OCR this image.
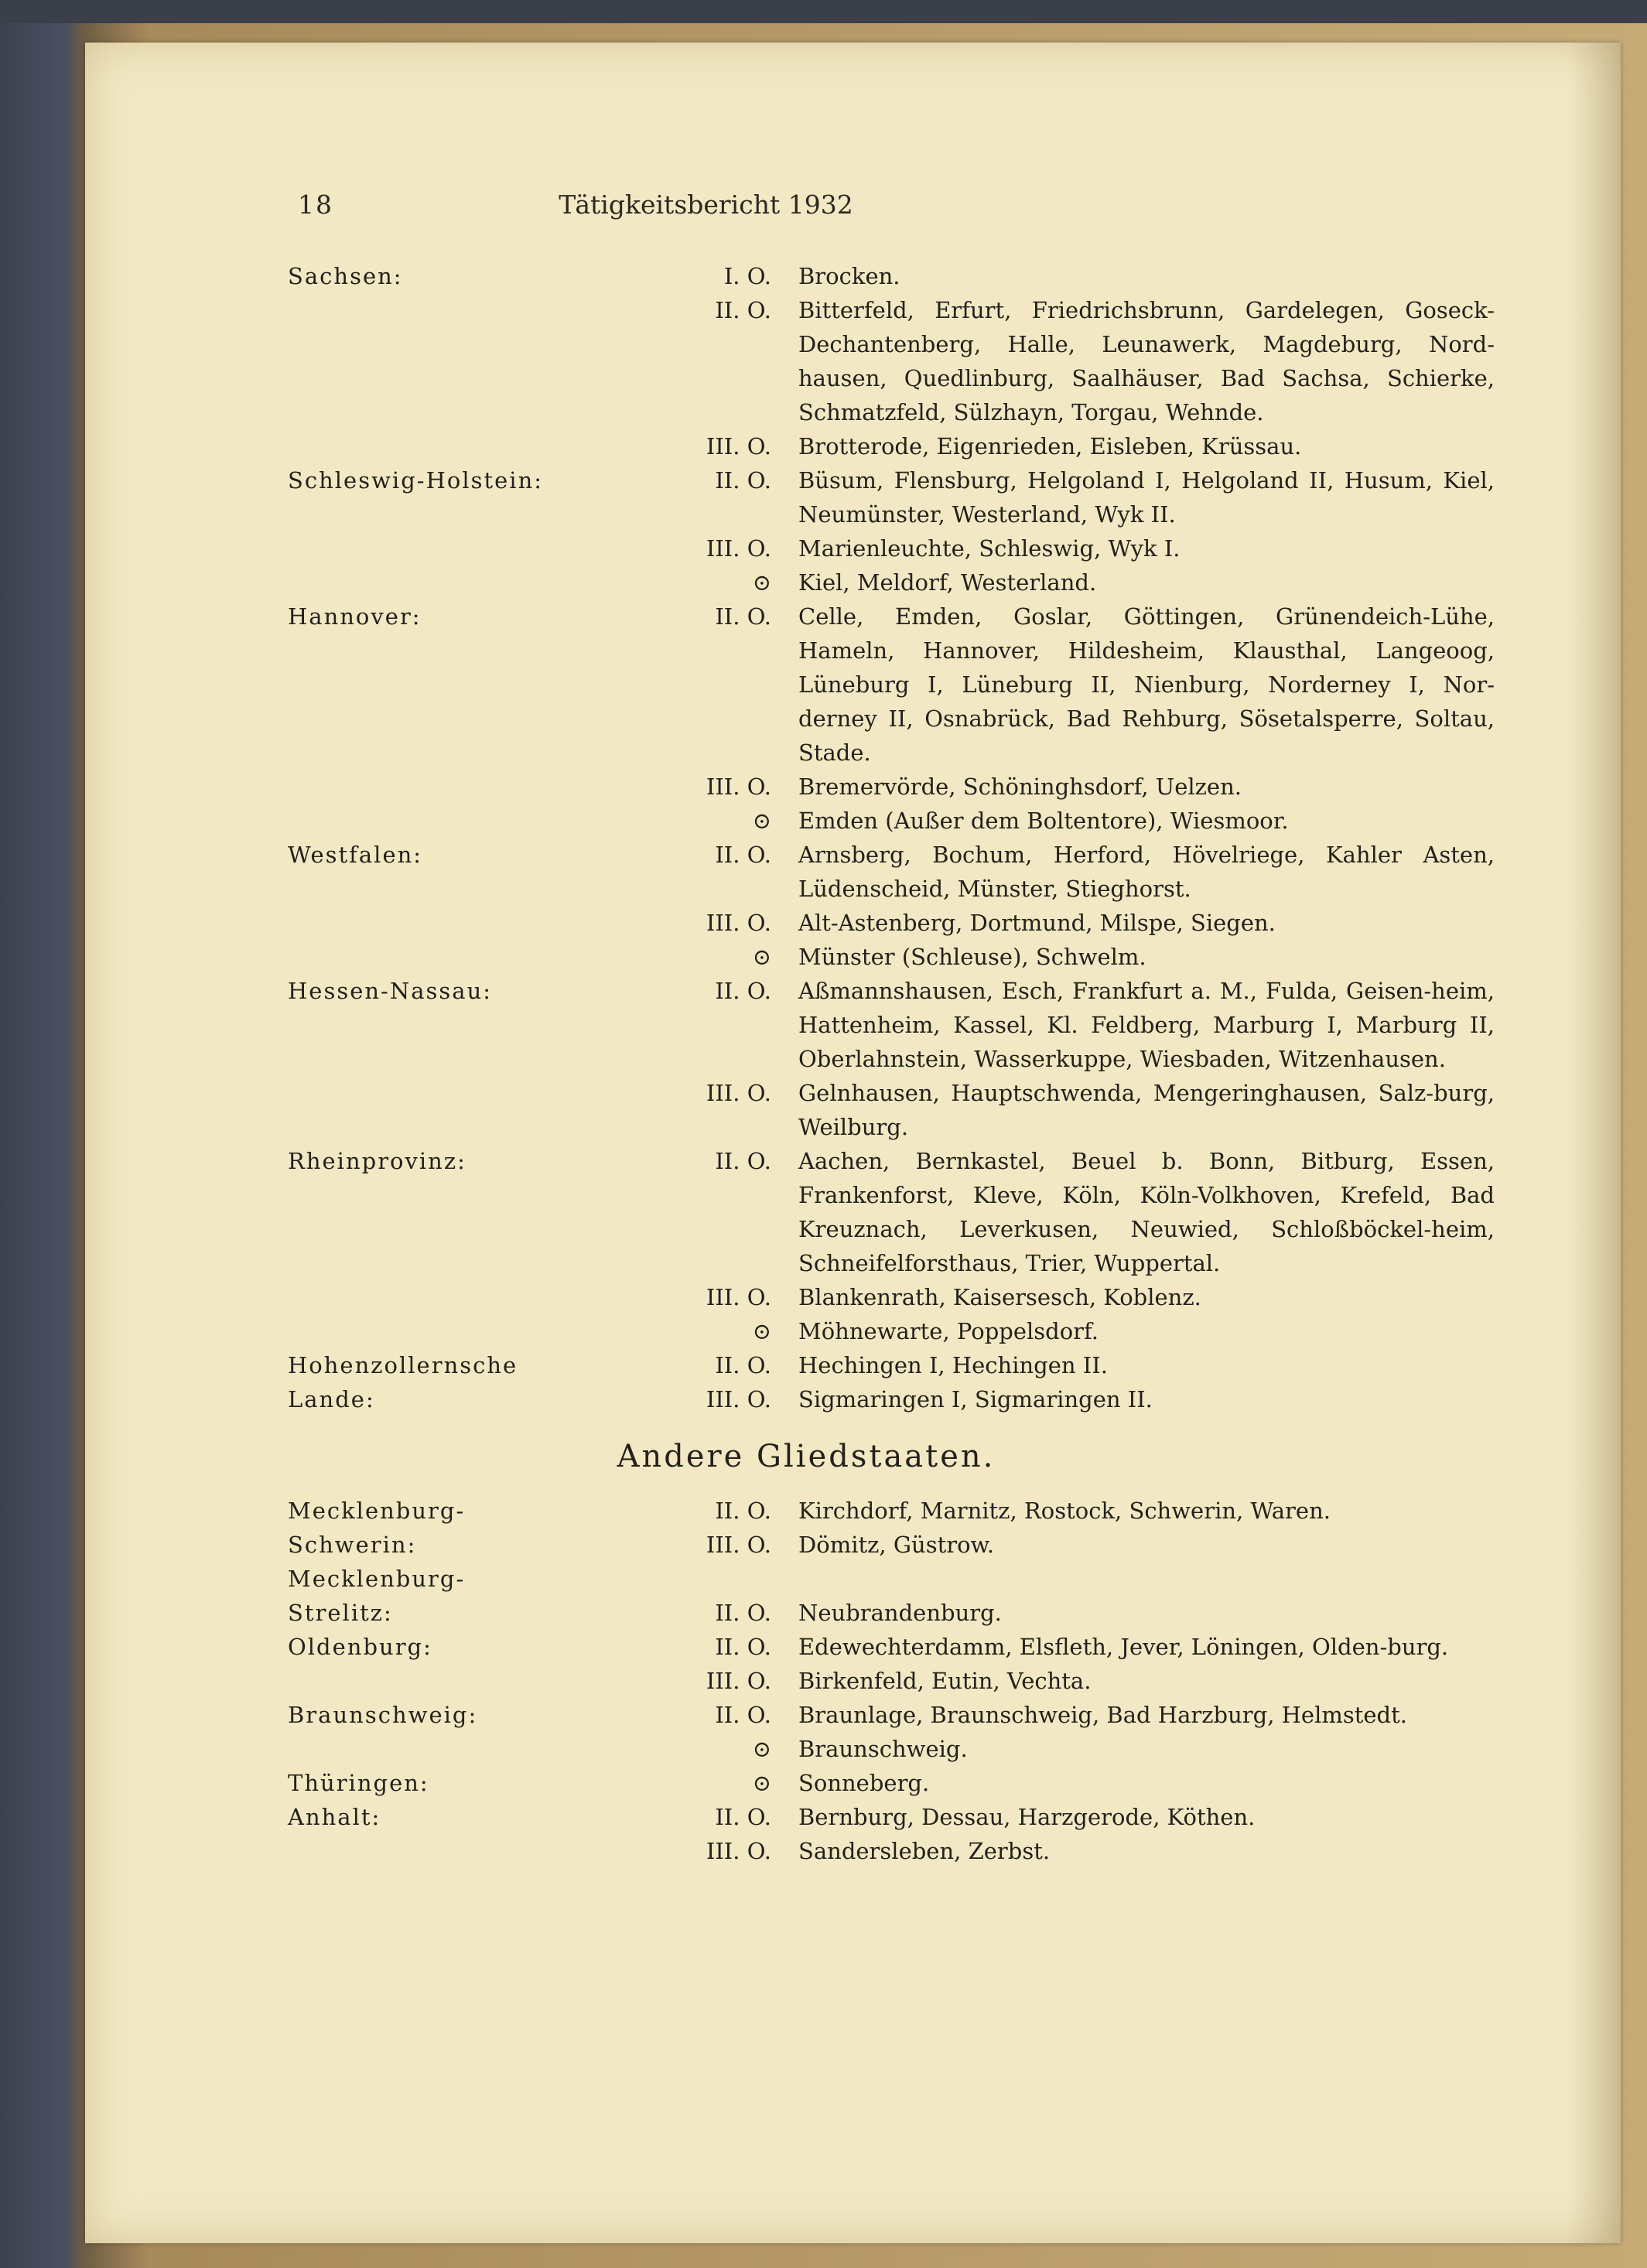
18	Tätigkeitsbericht 1932
Sachsen:	I. O. Brocken.
II. O. Bitterfeld, Erfurt, Friedrichsbrunn, Gardelegen, Goseck-Dechantenberg, Halle, Leunawerk, Magdeburg, Nord-hausen, Quedlinburg, Saalhäuser, Bad Sachsa, Schierke, Schmatzfeld, Sülzhayn, Torgau, Wehnde.
III. O. Brotterode, Eigenrieden, Eisleben, Krüssau.
Schleswig-Holstein:	II. O. Büsum, Flensburg, Helgoland I, Helgoland II, Husum, Kiel, Neumünster, Westerland, Wyk II.
III. O. Marienleuchte, Schleswig, Wyk I.
⊙ Kiel, Meldorf, Westerland.
Hannover:	II. O. Celle, Emden, Goslar, Göttingen, Grünendeich-Lühe, Hameln, Hannover, Hildesheim, Klausthal, Langeoog, Lüneburg I, Lüneburg II, Nienburg, Norderney I, Nor-derney II, Osnabrück, Bad Rehburg, Sösetalsperre, Soltau, Stade.
III. O. Bremervörde, Schöninghsdorf, Uelzen.
⊙ Emden (Außer dem Boltentore), Wiesmoor.
Westfalen:	II. O. Arnsberg, Bochum, Herford, Hövelriege, Kahler Asten, Lüdenscheid, Münster, Stieghorst.
III. O. Alt-Astenberg, Dortmund, Milspe, Siegen.
⊙ Münster (Schleuse), Schwelm.
Hessen-Nassau:	II. O. Aßmannshausen, Esch, Frankfurt a. M., Fulda, Geisen-heim, Hattenheim, Kassel, Kl. Feldberg, Marburg I, Marburg II, Oberlahnstein, Wasserkuppe, Wiesbaden, Witzenhausen.
III. O. Gelnhausen, Hauptschwenda, Mengeringhausen, Salz-burg, Weilburg.
Rheinprovinz:	II. O. Aachen, Bernkastel, Beuel b. Bonn, Bitburg, Essen, Frankenforst, Kleve, Köln, Köln-Volkhoven, Krefeld, Bad Kreuznach, Leverkusen, Neuwied, Schloßböckel-heim, Schneifelforsthaus, Trier, Wuppertal.
III. O. Blankenrath, Kaisersesch, Koblenz.
⊙ Möhnewarte, Poppelsdorf.
Hohenzollernsche
Lande:
II. O. Hechingen I, Hechingen II.
III. O. Sigmaringen I, Sigmaringen II.
Andere Gliedstaaten.
Mecklenburg-
Schwerin:
II. O. Kirchdorf, Marnitz, Rostock, Schwerin, Waren.
III. O. Dömitz, Güstrow.
Mecklenburg-
Strelitz:	II. O. Neubrandenburg.
Oldenburg:	II. O. Edewechterdamm, Elsfleth, Jever, Löningen, Olden-burg.
III. O. Birkenfeld, Eutin, Vechta.
Braunschweig:	II. O. Braunlage, Braunschweig, Bad Harzburg, Helmstedt.
⊙ Braunschweig.
Thüringen:	⊙ Sonneberg.
Anhalt:	II. O. Bernburg, Dessau, Harzgerode, Köthen.
III. O. Sandersleben, Zerbst.
